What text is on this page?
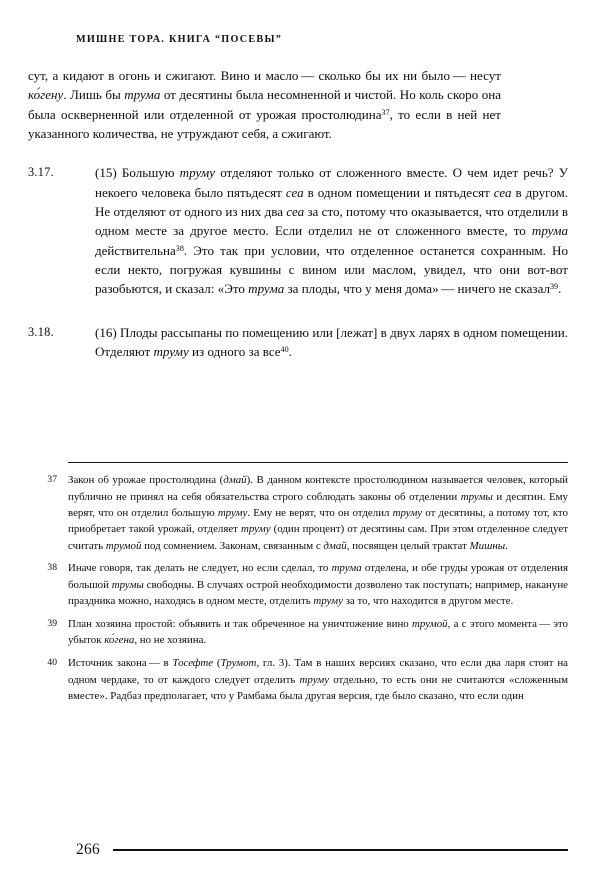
МИШНЕ ТОРА. КНИГА “ПОСЕВЫ”

сут, а кидают в огонь и сжигают. Вино и масло — сколько бы их ни было — несут ко́гену. Лишь бы трума от десятины была несомненной и чистой. Но коль скоро она была оскверненной или отделенной от урожая простолюдина$^{37}$, то если в ней нет указанного количества, не утруждают себя, а сжигают.

3.17.	(15) Большую труму отделяют только от сложенного вместе. О чем идет речь? У некоего человека было пятьдесят сеа в одном помещении и пятьдесят сеа в другом. Не отделяют от одного из них два сеа за сто, потому что оказывается, что отделили в одном месте за другое место. Если отделил не от сложенного вместе, то трума действительна$^{38}$. Это так при условии, что отделенное останется сохранным. Но если некто, погружая кувшины с вином или маслом, увидел, что они вот-вот разобьются, и сказал: «Это трума за плоды, что у меня дома» — ничего не сказал$^{39}$.

3.18.	(16) Плоды рассыпаны по помещению или [лежат] в двух ларях в одном помещении. Отделяют труму из одного за все$^{40}$.

37 Закон об урожае простолюдина (дмай). В данном контексте простолюдином называется человек, который публично не принял на себя обязательства строго соблюдать законы об отделении трумы и десятин. Ему верят, что он отделил большую труму. Ему не верят, что он отделил труму от десятины, а потому тот, кто приобретает такой урожай, отделяет труму (один процент) от десятины сам. При этом отделенное следует считать трумой под сомнением. Законам, связанным с дмай, посвящен целый трактат Мишны.
38 Иначе говоря, так делать не следует, но если сделал, то трума отделена, и обе груды урожая от отделения большой трумы свободны. В случаях острой необходимости дозволено так поступать; например, накануне праздника можно, находясь в одном месте, отделить труму за то, что находится в другом месте.
39 План хозяина простой: объявить и так обреченное на уничтожение вино трумой, а с этого момента — это убыток ко́гена, но не хозяина.
40 Источник закона — в Тосефте (Трумот, гл. 3). Там в наших версиях сказано, что если два ларя стоят на одном чердаке, то от каждого следует отделить труму отдельно, то есть они не считаются «сложенным вместе». Радбаз предполагает, что у Рамбама была другая версия, где было сказано, что если один
266
